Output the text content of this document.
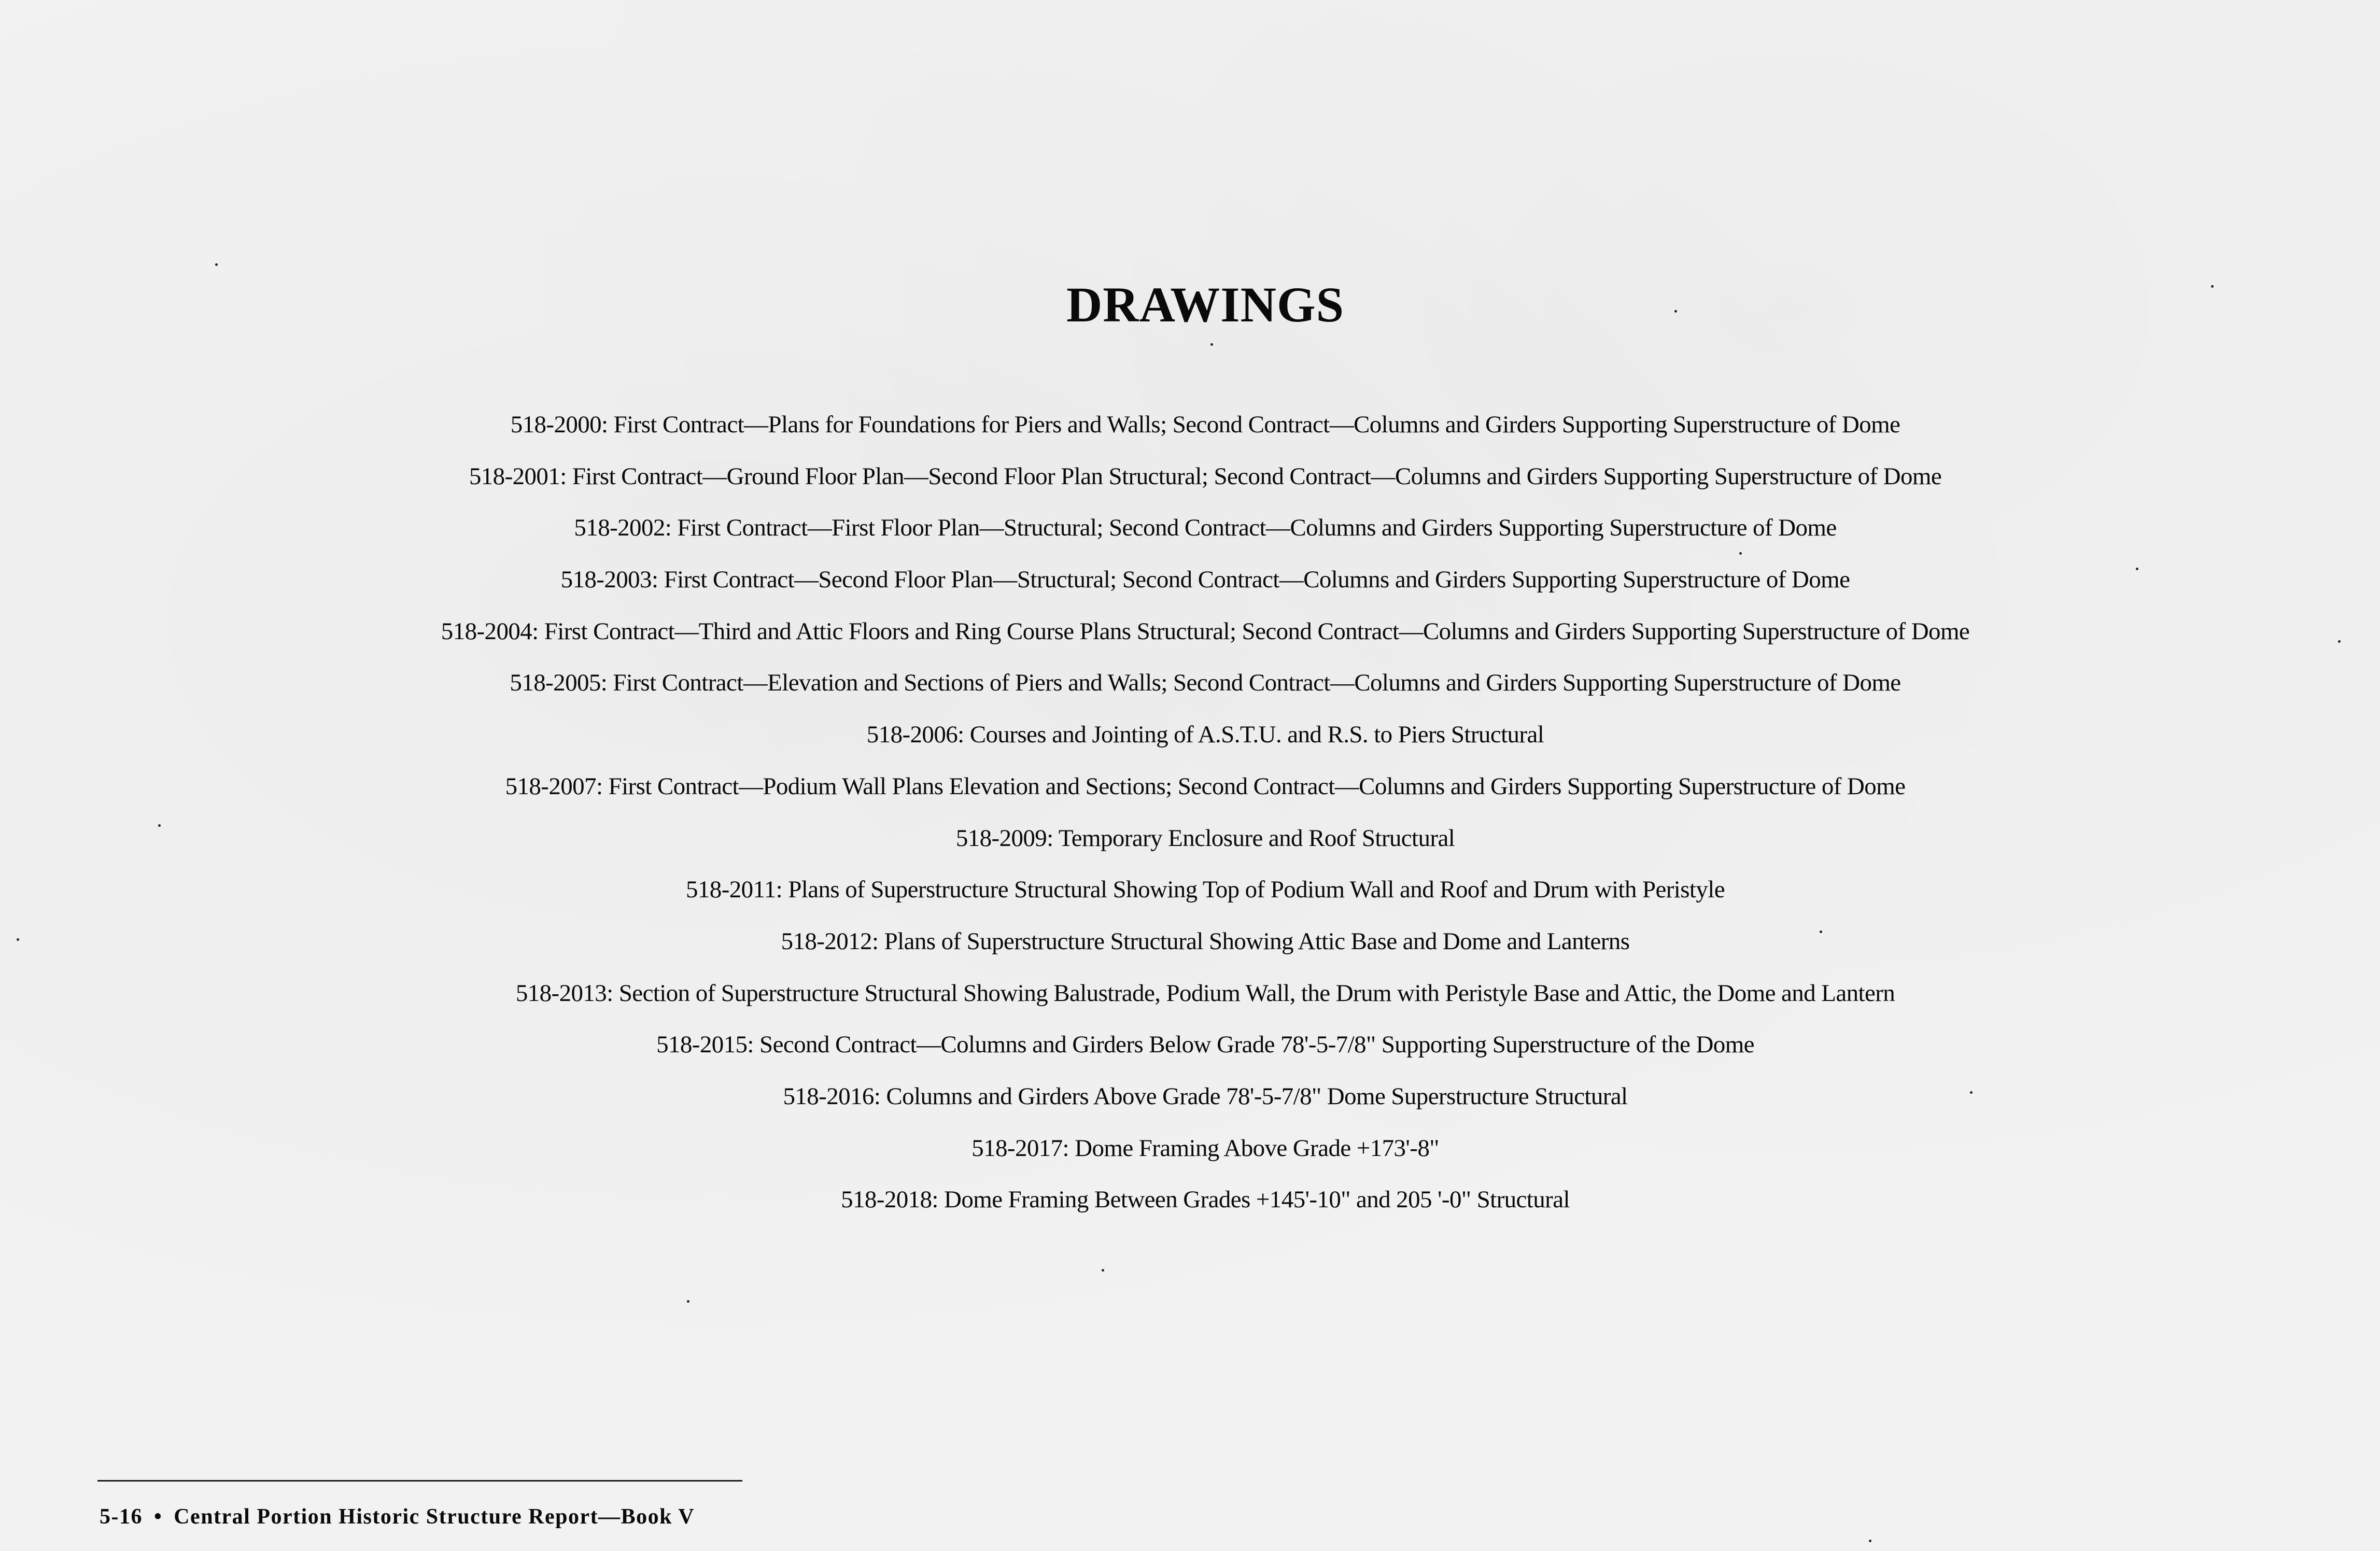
DRAWINGS
518-2000: First Contract—Plans for Foundations for Piers and Walls; Second Contract—Columns and Girders Supporting Superstructure of Dome
518-2001: First Contract—Ground Floor Plan—Second Floor Plan Structural; Second Contract—Columns and Girders Supporting Superstructure of Dome
518-2002: First Contract—First Floor Plan—Structural; Second Contract—Columns and Girders Supporting Superstructure of Dome
518-2003: First Contract—Second Floor Plan—Structural; Second Contract—Columns and Girders Supporting Superstructure of Dome
518-2004: First Contract—Third and Attic Floors and Ring Course Plans Structural; Second Contract—Columns and Girders Supporting Superstructure of Dome
518-2005: First Contract—Elevation and Sections of Piers and Walls; Second Contract—Columns and Girders Supporting Superstructure of Dome
518-2006: Courses and Jointing of A.S.T.U. and R.S. to Piers Structural
518-2007: First Contract—Podium Wall Plans Elevation and Sections; Second Contract—Columns and Girders Supporting Superstructure of Dome
518-2009: Temporary Enclosure and Roof Structural
518-2011: Plans of Superstructure Structural Showing Top of Podium Wall and Roof and Drum with Peristyle
518-2012: Plans of Superstructure Structural Showing Attic Base and Dome and Lanterns
518-2013: Section of Superstructure Structural Showing Balustrade, Podium Wall, the Drum with Peristyle Base and Attic, the Dome and Lantern
518-2015: Second Contract—Columns and Girders Below Grade 78'-5-7/8" Supporting Superstructure of the Dome
518-2016: Columns and Girders Above Grade 78'-5-7/8" Dome Superstructure Structural
518-2017: Dome Framing Above Grade +173'-8"
518-2018: Dome Framing Between Grades +145'-10" and 205 '-0" Structural
5-16 • Central Portion Historic Structure Report—Book V
